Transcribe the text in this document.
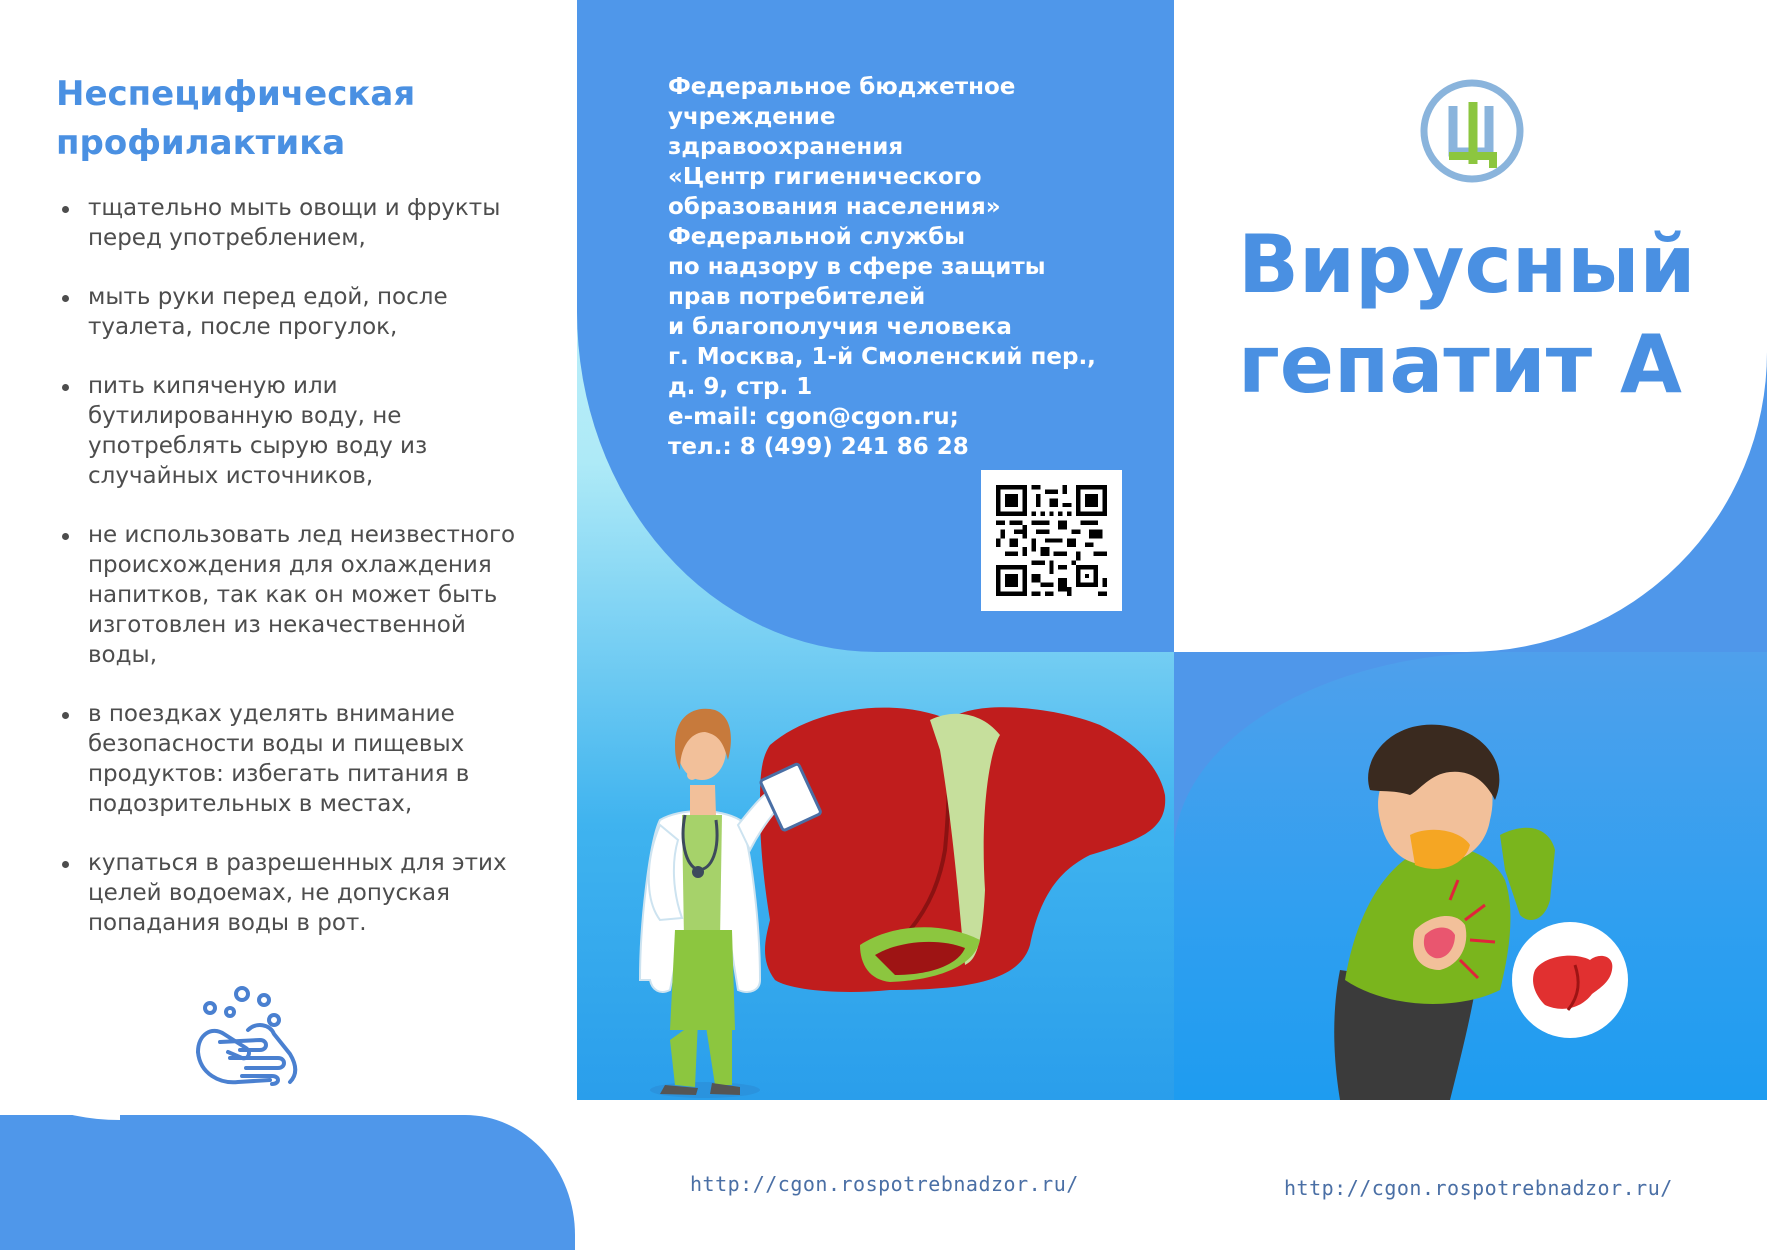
Неспецифическая
профилактика
тщательно мыть овощи и фрукты перед употреблением,
мыть руки перед едой, после туалета, после прогулок,
пить кипяченую или бутилированную воду, не употреблять сырую воду из случайных источников,
не использовать лед неизвестного происхождения для охлаждения напитков, так как он может быть изготовлен из некачественной воды,
в поездках уделять внимание безопасности воды и пищевых продуктов: избегать питания в подозрительных в местах,
купаться в разрешенных для этих целей водоемах, не допуская попадания воды в рот.
Федеральное бюджетное
учреждение
здравоохранения
«Центр гигиенического
образования населения»
Федеральной службы
по надзору в сфере защиты
прав потребителей
и благополучия человека
г. Москва, 1-й Смоленский пер.,
д. 9, стр. 1
e-mail: cgon@cgon.ru;
тел.: 8 (499) 241 86 28
Вирусный
гепатит А
http://cgon.rospotrebnadzor.ru/	http://cgon.rospotrebnadzor.ru/
